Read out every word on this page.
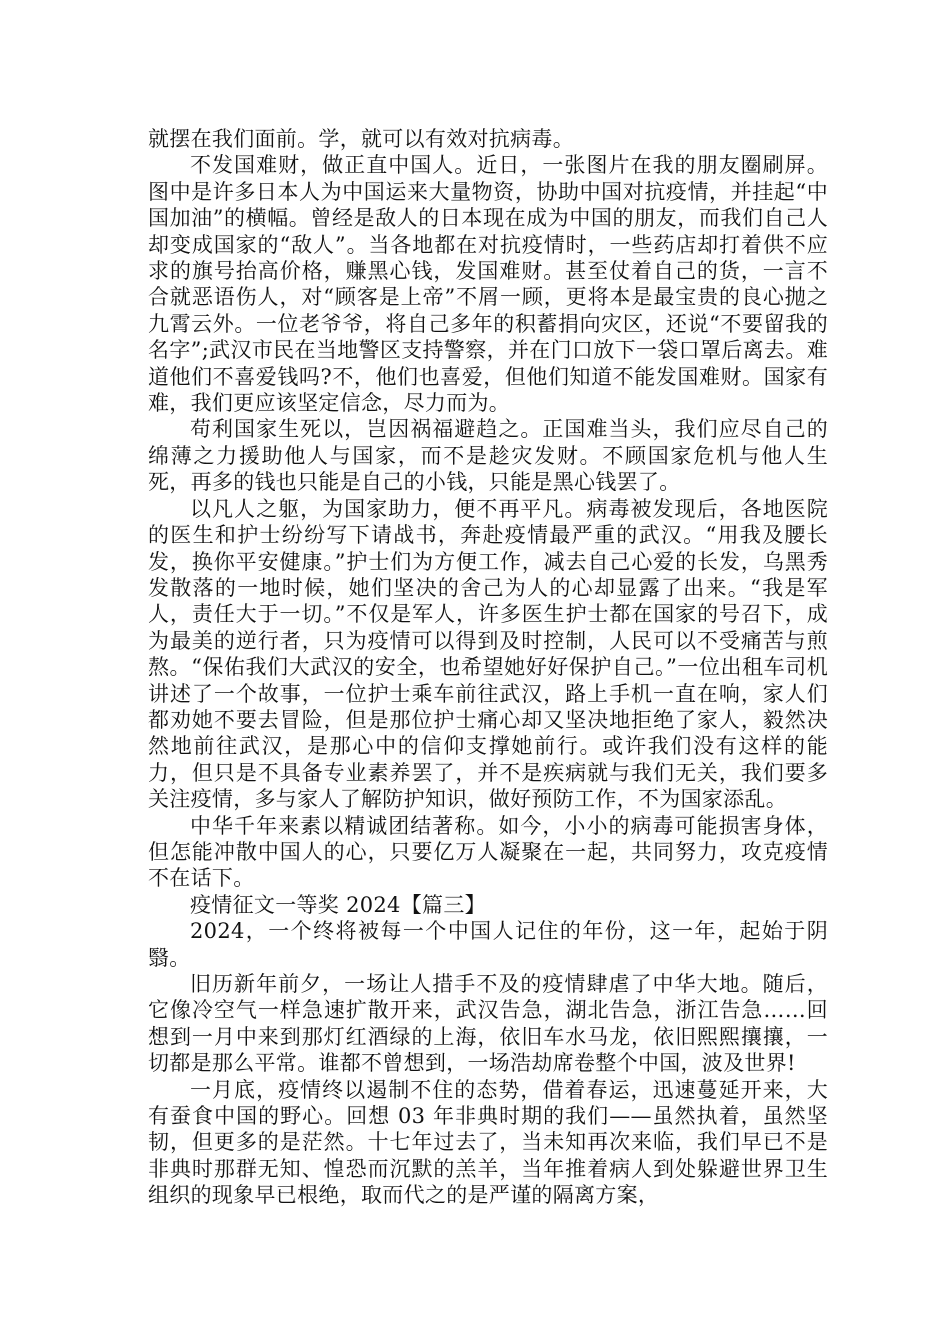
就摆在我们面前。学，就可以有效对抗病毒。

不发国难财，做正直中国人。近日，一张图片在我的朋友圈刷屏。图中是许多日本人为中国运来大量物资，协助中国对抗疫情，并挂起“中国加油”的横幅。曾经是敌人的日本现在成为中国的朋友，而我们自己人却变成国家的“敌人”。当各地都在对抗疫情时，一些药店却打着供不应求的旗号抬高价格，赚黑心钱，发国难财。甚至仗着自己的货，一言不合就恶语伤人，对“顾客是上帝”不屑一顾，更将本是最宝贵的良心抛之九霄云外。一位老爷爷，将自己多年的积蓄捐向灾区，还说“不要留我的名字”;武汉市民在当地警区支持警察，并在门口放下一袋口罩后离去。难道他们不喜爱钱吗?不，他们也喜爱，但他们知道不能发国难财。国家有难，我们更应该坚定信念，尽力而为。

苟利国家生死以，岂因祸福避趋之。正国难当头，我们应尽自己的绵薄之力援助他人与国家，而不是趁灾发财。不顾国家危机与他人生死，再多的钱也只能是自己的小钱，只能是黑心钱罢了。

以凡人之躯，为国家助力，便不再平凡。病毒被发现后，各地医院的医生和护士纷纷写下请战书，奔赴疫情最严重的武汉。“用我及腰长发，换你平安健康。”护士们为方便工作，减去自己心爱的长发，乌黑秀发散落的一地时候，她们坚决的舍己为人的心却显露了出来。“我是军人，责任大于一切。”不仅是军人，许多医生护士都在国家的号召下，成为最美的逆行者，只为疫情可以得到及时控制，人民可以不受痛苦与煎熬。“保佑我们大武汉的安全，也希望她好好保护自己。”一位出租车司机讲述了一个故事，一位护士乘车前往武汉，路上手机一直在响，家人们都劝她不要去冒险，但是那位护士痛心却又坚决地拒绝了家人，毅然决然地前往武汉，是那心中的信仰支撑她前行。或许我们没有这样的能力，但只是不具备专业素养罢了，并不是疾病就与我们无关，我们要多关注疫情，多与家人了解防护知识，做好预防工作，不为国家添乱。

中华千年来素以精诚团结著称。如今，小小的病毒可能损害身体，但怎能冲散中国人的心，只要亿万人凝聚在一起，共同努力，攻克疫情不在话下。

疫情征文一等奖 2024【篇三】

2024，一个终将被每一个中国人记住的年份，这一年，起始于阴翳。

旧历新年前夕，一场让人措手不及的疫情肆虐了中华大地。随后，它像冷空气一样急速扩散开来，武汉告急，湖北告急，浙江告急……回想到一月中来到那灯红酒绿的上海，依旧车水马龙，依旧熙熙攘攘，一切都是那么平常。谁都不曾想到，一场浩劫席卷整个中国，波及世界!

一月底，疫情终以遏制不住的态势，借着春运，迅速蔓延开来，大有蚕食中国的野心。回想 03 年非典时期的我们——虽然执着，虽然坚韧，但更多的是茫然。十七年过去了，当未知再次来临，我们早已不是非典时那群无知、惶恐而沉默的羔羊，当年推着病人到处躲避世界卫生组织的现象早已根绝，取而代之的是严谨的隔离方案，
